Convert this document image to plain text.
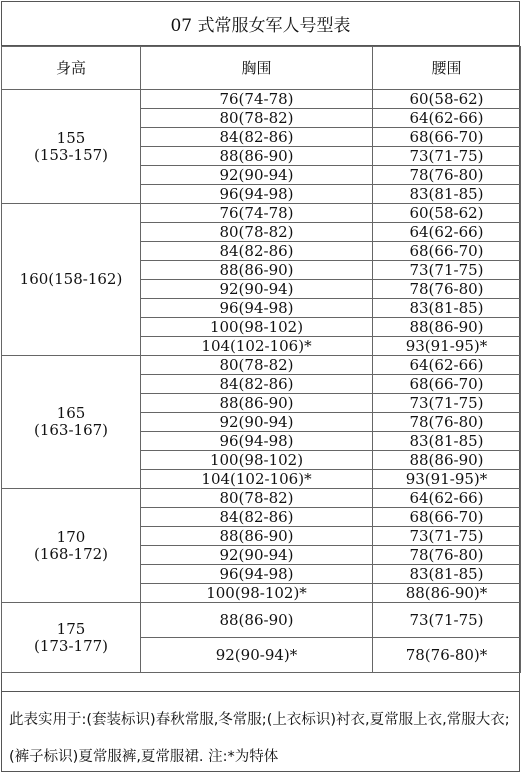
07 式常服女军人号型表
身高	胸围	腰围
155
(153-157)	76(74-78)	60(58-62)
	80(78-82)	64(62-66)
	84(82-86)	68(66-70)
	88(86-90)	73(71-75)
	92(90-94)	78(76-80)
	96(94-98)	83(81-85)
160(158-162)	76(74-78)	60(58-62)
	80(78-82)	64(62-66)
	84(82-86)	68(66-70)
	88(86-90)	73(71-75)
	92(90-94)	78(76-80)
	96(94-98)	83(81-85)
	100(98-102)	88(86-90)
	104(102-106)*	93(91-95)*
165
(163-167)	80(78-82)	64(62-66)
	84(82-86)	68(66-70)
	88(86-90)	73(71-75)
	92(90-94)	78(76-80)
	96(94-98)	83(81-85)
	100(98-102)	88(86-90)
	104(102-106)*	93(91-95)*
170
(168-172)	80(78-82)	64(62-66)
	84(82-86)	68(66-70)
	88(86-90)	73(71-75)
	92(90-94)	78(76-80)
	96(94-98)	83(81-85)
	100(98-102)*	88(86-90)*
175
(173-177)	88(86-90)	73(71-75)
	92(90-94)*	78(76-80)*
此表实用于:(套装标识)春秋常服,冬常服;(上衣标识)衬衣,夏常服上衣,常服大衣;(裤子标识)夏常服裤,夏常服裙. 注:*为特体
